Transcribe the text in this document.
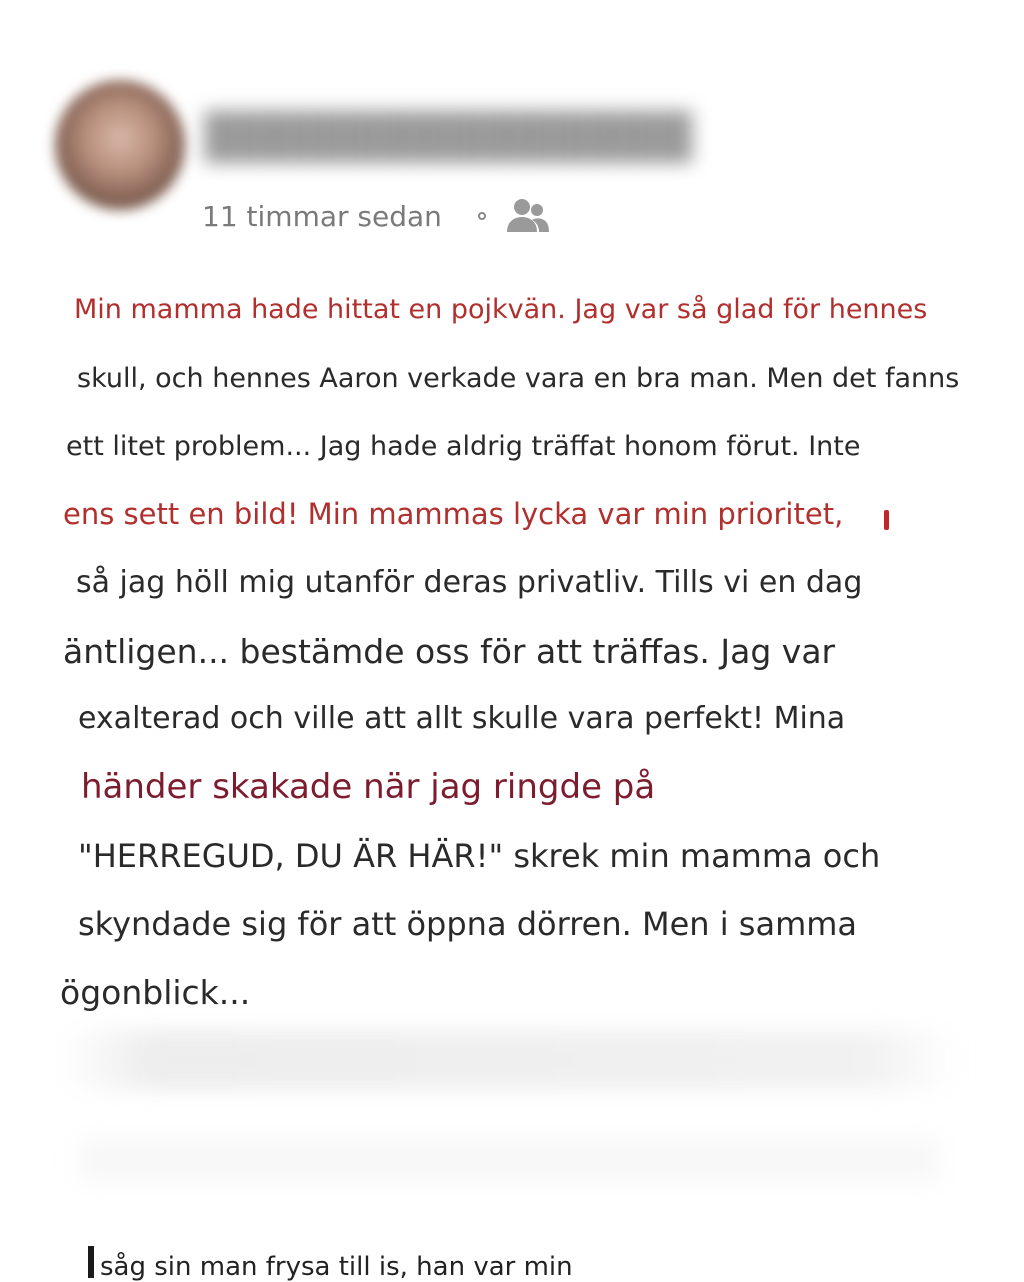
██████████████
11 timmar sedan
Min mamma hade hittat en pojkvän. Jag var så glad för hennes
skull, och hennes Aaron verkade vara en bra man. Men det fanns
ett litet problem... Jag hade aldrig träffat honom förut. Inte
ens sett en bild! Min mammas lycka var min prioritet,
så jag höll mig utanför deras privatliv. Tills vi en dag
äntligen... bestämde oss för att träffas. Jag var
exalterad och ville att allt skulle vara perfekt! Mina
händer skakade när jag ringde på
"HERREGUD, DU ÄR HÄR!" skrek min mamma och
skyndade sig för att öppna dörren. Men i samma
ögonblick...
såg sin man frysa till is, han var min
